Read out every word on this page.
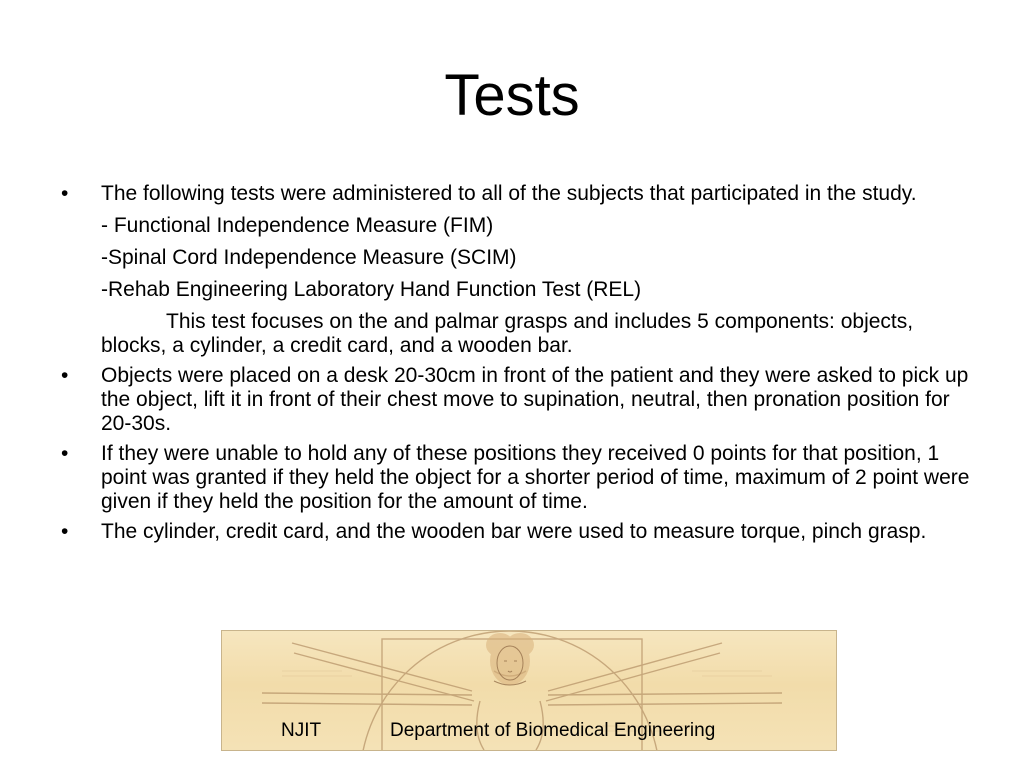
Tests
•	The following tests were administered to all of the subjects that participated in the study.
- Functional Independence Measure (FIM)
-Spinal Cord Independence Measure (SCIM)
-Rehab Engineering Laboratory Hand Function Test (REL)
This test focuses on the and palmar grasps and includes 5 components: objects, blocks, a cylinder, a credit card, and a wooden bar.
•	Objects were placed on a desk 20-30cm in front of the patient and they were asked to pick up the object, lift it in front of their chest move to supination, neutral, then pronation position for 20-30s.
•	If they were unable to hold any of these positions they received 0 points for that position, 1 point was granted if they held the object for a shorter period of time, maximum of 2 point were given if they held the position for the amount of time.
•	The cylinder, credit card, and the wooden bar were used to measure torque, pinch grasp.
NJIT	Department of Biomedical Engineering
